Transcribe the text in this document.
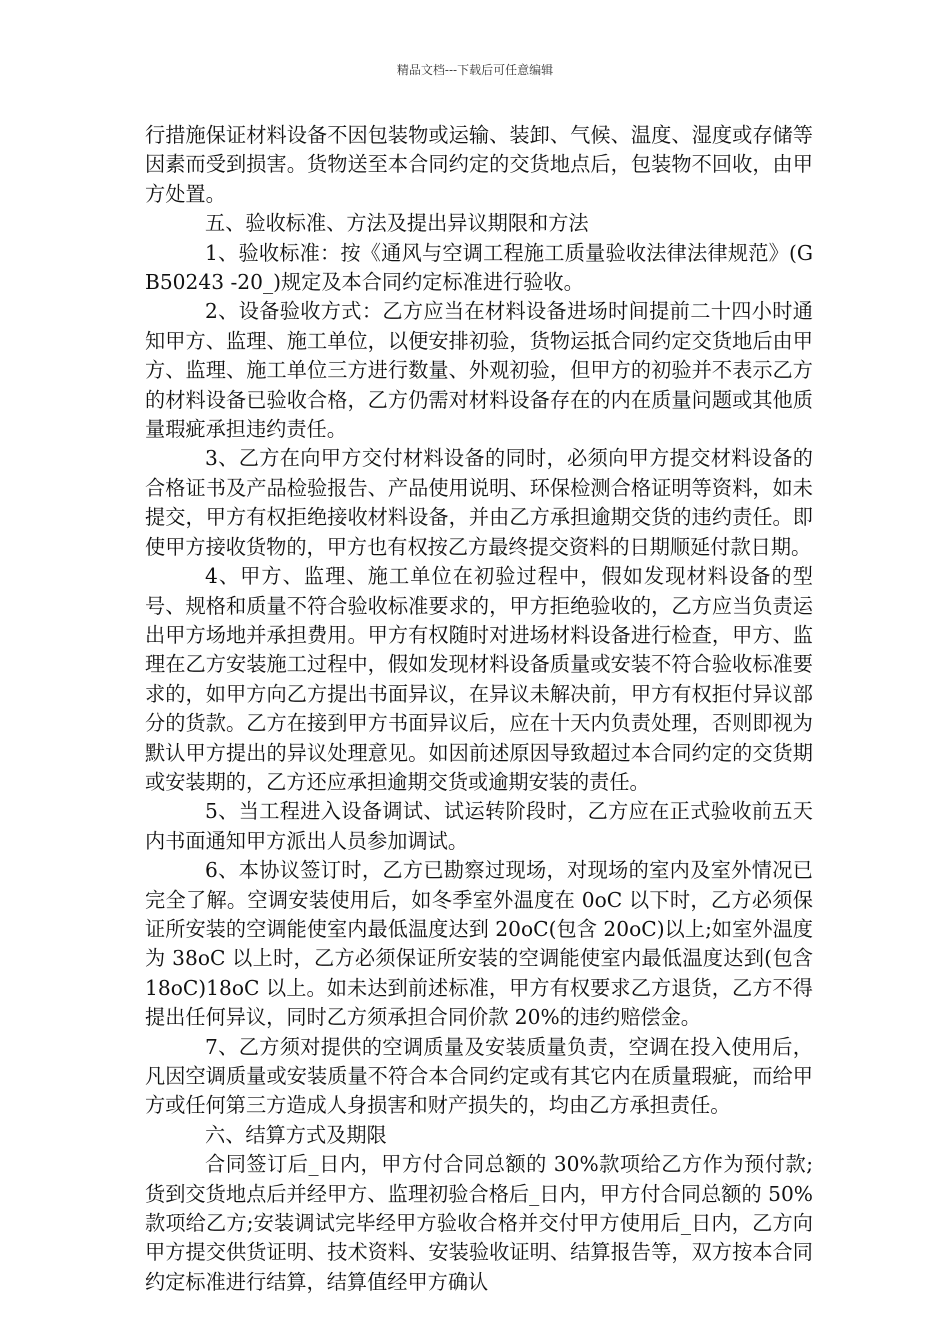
精品文档---下载后可任意编辑

行措施保证材料设备不因包装物或运输、装卸、气候、温度、湿度或存储等因素而受到损害。货物送至本合同约定的交货地点后，包装物不回收，由甲方处置。

五、验收标准、方法及提出异议期限和方法

1、验收标准：按《通风与空调工程施工质量验收法律法律规范》(GB50243 -20_)规定及本合同约定标准进行验收。

2、设备验收方式：乙方应当在材料设备进场时间提前二十四小时通知甲方、监理、施工单位，以便安排初验，货物运抵合同约定交货地后由甲方、监理、施工单位三方进行数量、外观初验，但甲方的初验并不表示乙方的材料设备已验收合格，乙方仍需对材料设备存在的内在质量问题或其他质量瑕疵承担违约责任。

3、乙方在向甲方交付材料设备的同时，必须向甲方提交材料设备的合格证书及产品检验报告、产品使用说明、环保检测合格证明等资料，如未提交，甲方有权拒绝接收材料设备，并由乙方承担逾期交货的违约责任。即使甲方接收货物的，甲方也有权按乙方最终提交资料的日期顺延付款日期。

4、甲方、监理、施工单位在初验过程中，假如发现材料设备的型号、规格和质量不符合验收标准要求的，甲方拒绝验收的，乙方应当负责运出甲方场地并承担费用。甲方有权随时对进场材料设备进行检查，甲方、监理在乙方安装施工过程中，假如发现材料设备质量或安装不符合验收标准要求的，如甲方向乙方提出书面异议，在异议未解决前，甲方有权拒付异议部分的货款。乙方在接到甲方书面异议后，应在十天内负责处理，否则即视为默认甲方提出的异议处理意见。如因前述原因导致超过本合同约定的交货期或安装期的，乙方还应承担逾期交货或逾期安装的责任。

5、当工程进入设备调试、试运转阶段时，乙方应在正式验收前五天内书面通知甲方派出人员参加调试。

6、本协议签订时，乙方已勘察过现场，对现场的室内及室外情况已完全了解。空调安装使用后，如冬季室外温度在 0oC 以下时，乙方必须保证所安装的空调能使室内最低温度达到 20oC(包含 20oC)以上;如室外温度为 38oC 以上时，乙方必须保证所安装的空调能使室内最低温度达到(包含 18oC)18oC 以上。如未达到前述标准，甲方有权要求乙方退货，乙方不得提出任何异议，同时乙方须承担合同价款 20%的违约赔偿金。

7、乙方须对提供的空调质量及安装质量负责，空调在投入使用后，凡因空调质量或安装质量不符合本合同约定或有其它内在质量瑕疵，而给甲方或任何第三方造成人身损害和财产损失的，均由乙方承担责任。

六、结算方式及期限

合同签订后_日内，甲方付合同总额的 30%款项给乙方作为预付款;货到交货地点后并经甲方、监理初验合格后_日内，甲方付合同总额的 50%款项给乙方;安装调试完毕经甲方验收合格并交付甲方使用后_日内，乙方向甲方提交供货证明、技术资料、安装验收证明、结算报告等，双方按本合同约定标准进行结算，结算值经甲方确认
